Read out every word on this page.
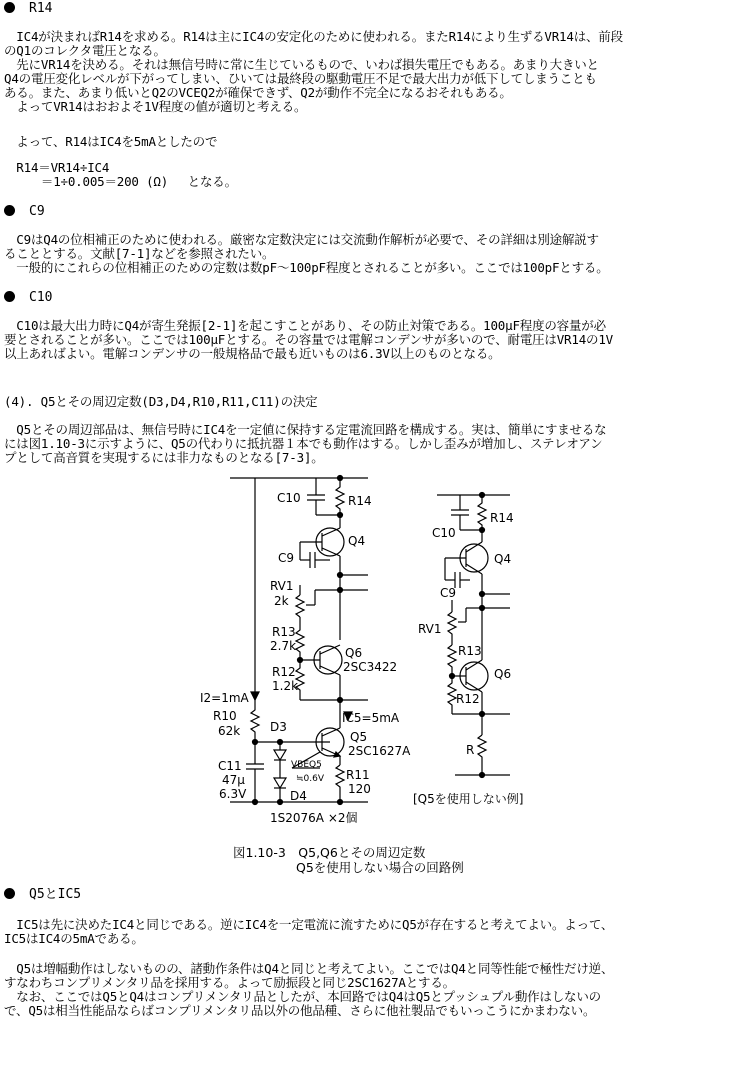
R14
　IC4が決まればR14を求める。R14は主にIC4の安定化のために使われる。またR14により生ずるVR14は、前段
のQ1のコレクタ電圧となる。
　先にVR14を決める。それは無信号時に常に生じているもので、いわば損失電圧でもある。あまり大きいと
Q4の電圧変化レベルが下がってしまい、ひいては最終段の駆動電圧不足で最大出力が低下してしまうことも
ある。また、あまり低いとQ2のVCEQ2が確保できず、Q2が動作不完全になるおそれもある。
　よってVR14はおおよそ1V程度の値が適切と考える。
　よって、R14はIC4を5mAとしたので
　R14＝VR14÷IC4
　　　＝1÷0.005＝200 (Ω)　 となる。
C9
　C9はQ4の位相補正のために使われる。厳密な定数決定には交流動作解析が必要で、その詳細は別途解説す
ることとする。文献[7-1]などを参照されたい。
　一般的にこれらの位相補正のための定数は数pF～100pF程度とされることが多い。ここでは100pFとする。
C10
　C10は最大出力時にQ4が寄生発振[2-1]を起こすことがあり、その防止対策である。100μF程度の容量が必
要とされることが多い。ここでは100μFとする。その容量では電解コンデンサが多いので、耐電圧はVR14の1V
以上あればよい。電解コンデンサの一般規格品で最も近いものは6.3V以上のものとなる。
(4). Q5とその周辺定数(D3,D4,R10,R11,C11)の決定
　Q5とその周辺部品は、無信号時にIC4を一定値に保持する定電流回路を構成する。実は、簡単にすませるな
には図1.10-3に示すように、Q5の代わりに抵抗器１本でも動作はする。しかし歪みが増加し、ステレオアン
プとして高音質を実現するには非力なものとなる[7-3]。
C10	R14
Q4
C9
RV1
2k
R13
2.7k	Q6
2SC3422
R12
1.2k
I2=1mA
R10
62k D3
IC5=5mA
Q5
2SC1627A
C11
47μ
6.3V
VBEQ5
≒0.6V R11
120
D4
1S2076A ×2個
R14
C10
Q4
C9
RV1
R13
Q6
R12
R
[Q5を使用しない例]
図1.10-3　Q5,Q6とその周辺定数
Q5を使用しない場合の回路例
Q5とIC5
　IC5は先に決めたIC4と同じである。逆にIC4を一定電流に流すためにQ5が存在すると考えてよい。よって、
IC5はIC4の5mAである。
　Q5は増幅動作はしないものの、諸動作条件はQ4と同じと考えてよい。ここではQ4と同等性能で極性だけ逆、
すなわちコンプリメンタリ品を採用する。よって励振段と同じ2SC1627Aとする。
　なお、ここではQ5とQ4はコンプリメンタリ品としたが、本回路ではQ4はQ5とプッシュプル動作はしないの
で、Q5は相当性能品ならばコンプリメンタリ品以外の他品種、さらに他社製品でもいっこうにかまわない。
